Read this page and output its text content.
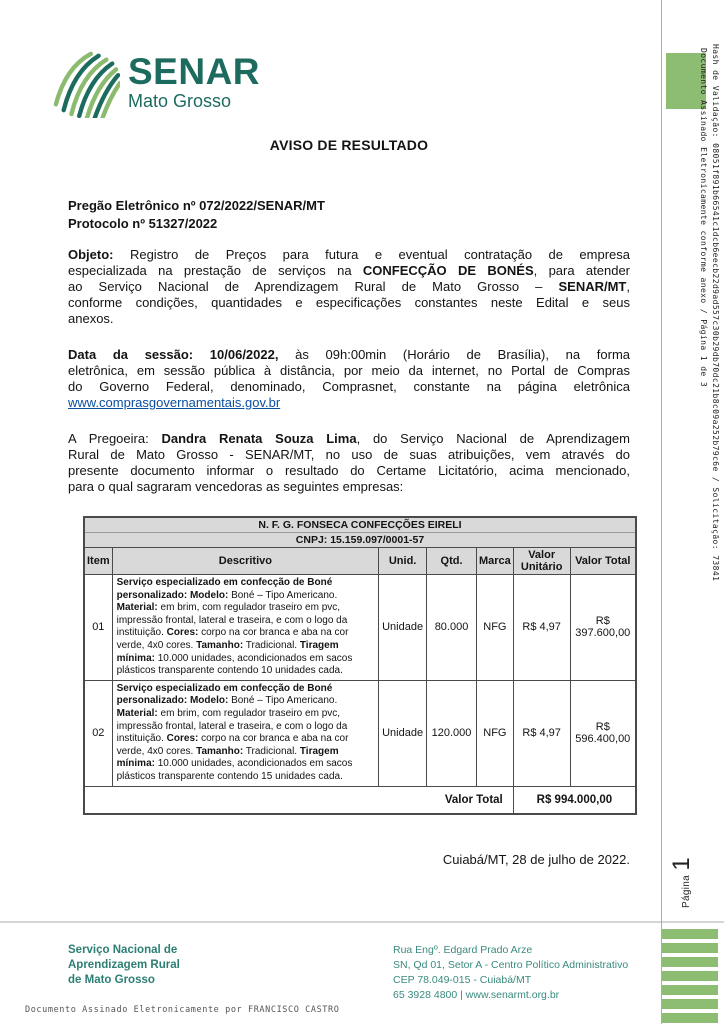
SENAR
Mato Grosso
AVISO DE RESULTADO
Pregão Eletrônico nº 072/2022/SENAR/MT
Protocolo nº 51327/2022
Objeto: Registro de Preços para futura e eventual contratação de empresa
especializada na prestação de serviços na CONFECÇÃO DE BONÉS, para atender
ao Serviço Nacional de Aprendizagem Rural de Mato Grosso – SENAR/MT,
conforme condições, quantidades e especificações constantes neste Edital e seus
anexos.
Data da sessão: 10/06/2022, às 09h:00min (Horário de Brasília), na forma
eletrônica, em sessão pública à distância, por meio da internet, no Portal de Compras
do Governo Federal, denominado, Comprasnet, constante na página eletrônica
www.comprasgovernamentais.gov.br
A Pregoeira: Dandra Renata Souza Lima, do Serviço Nacional de Aprendizagem
Rural de Mato Grosso - SENAR/MT, no uso de suas atribuições, vem através do
presente documento informar o resultado do Certame Licitatório, acima mencionado,
para o qual sagraram vencedoras as seguintes empresas:
N. F. G. FONSECA CONFECÇÕES EIRELI						
CNPJ: 15.159.097/0001-57						
Item	Descritivo	Unid.	Qtd.	Marca	Valor Unitário	Valor Total
01	Serviço especializado em confecção de Boné personalizado: Modelo: Boné – Tipo Americano. Material: em brim, com regulador traseiro em pvc, impressão frontal, lateral e traseira, e com o logo da instituição. Cores: corpo na cor branca e aba na cor verde, 4x0 cores. Tamanho: Tradicional. Tiragem mínima: 10.000 unidades, acondicionados em sacos plásticos transparente contendo 10 unidades cada.	Unidade	80.000	NFG	R$ 4,97	R$ 397.600,00
02	Serviço especializado em confecção de Boné personalizado: Modelo: Boné – Tipo Americano. Material: em brim, com regulador traseiro em pvc, impressão frontal, lateral e traseira, e com o logo da instituição. Cores: corpo na cor branca e aba na cor verde, 4x0 cores. Tamanho: Tradicional. Tiragem mínima: 10.000 unidades, acondicionados em sacos plásticos transparente contendo 15 unidades cada.	Unidade	120.000	NFG	R$ 4,97	R$ 596.400,00
Valor Total					R$ 994.000,00	
Cuiabá/MT, 28 de julho de 2022.
Serviço Nacional de
Aprendizagem Rural
de Mato Grosso
Rua Engº. Edgard Prado Arze
SN, Qd 01, Setor A - Centro Político Administrativo
CEP 78.049-015 - Cuiabá/MT
65 3928 4800 | www.senarmt.org.br
Documento Assinado Eletronicamente por FRANCISCO CASTRO
Hash de Validação: 08051f891b66541c1dcb6eecb22d9ad557c30b29db70dc21b8c09a252b79c6e / Solicitação: 73841
Documento Assinado Eletronicamente conforme anexo / Página 1 de 3
Página 1
